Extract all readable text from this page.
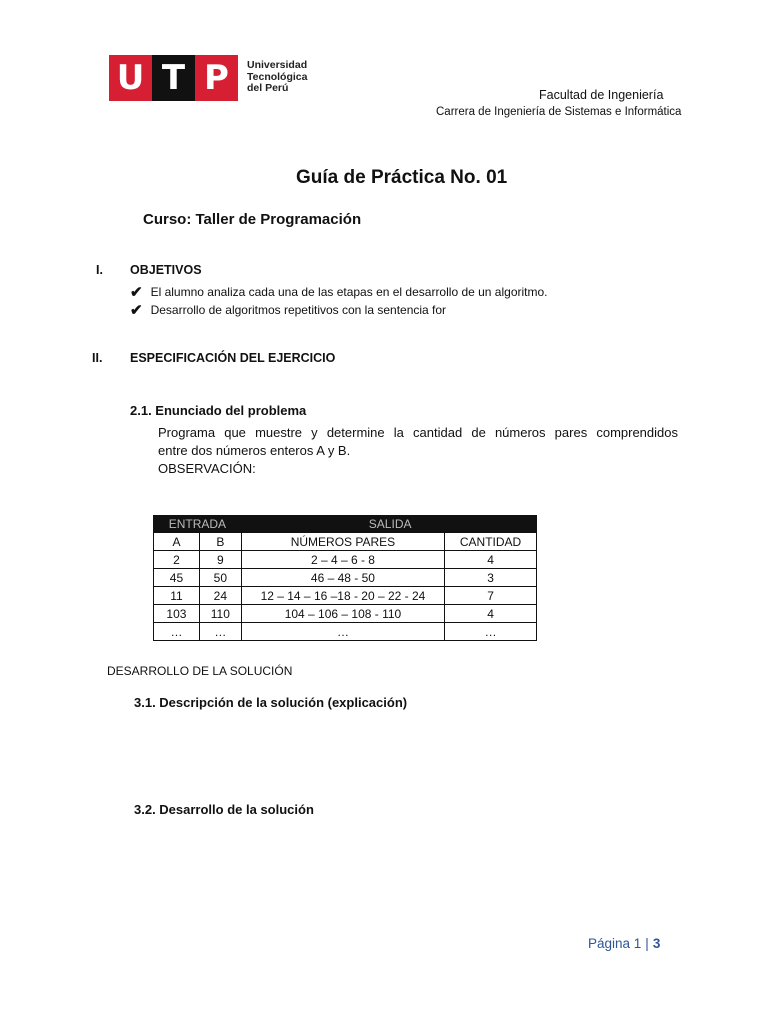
U T P	Universidad
Tecnológica
del Perú	Facultad de Ingeniería
Carrera de Ingeniería de Sistemas e Informática
Guía de Práctica No. 01
Curso: Taller de Programación
I. OBJETIVOS
✔ El alumno analiza cada una de las etapas en el desarrollo de un algoritmo.
✔ Desarrollo de algoritmos repetitivos con la sentencia for
II. ESPECIFICACIÓN DEL EJERCICIO
2.1. Enunciado del problema
Programa que muestre y determine la cantidad de números pares comprendidos
entre dos números enteros A y B.
OBSERVACIÓN:
ENTRADA		SALIDA	
A	B	NÚMEROS PARES	CANTIDAD
2	9	2 – 4 – 6 - 8	4
45	50	46 – 48 - 50	3
11	24	12 – 14 – 16 –18 - 20 – 22 - 24	7
103	110	104 – 106 – 108 - 110	4
…	…	…	…
DESARROLLO DE LA SOLUCIÓN
3.1. Descripción de la solución (explicación)
3.2. Desarrollo de la solución
Página 1 | 3
